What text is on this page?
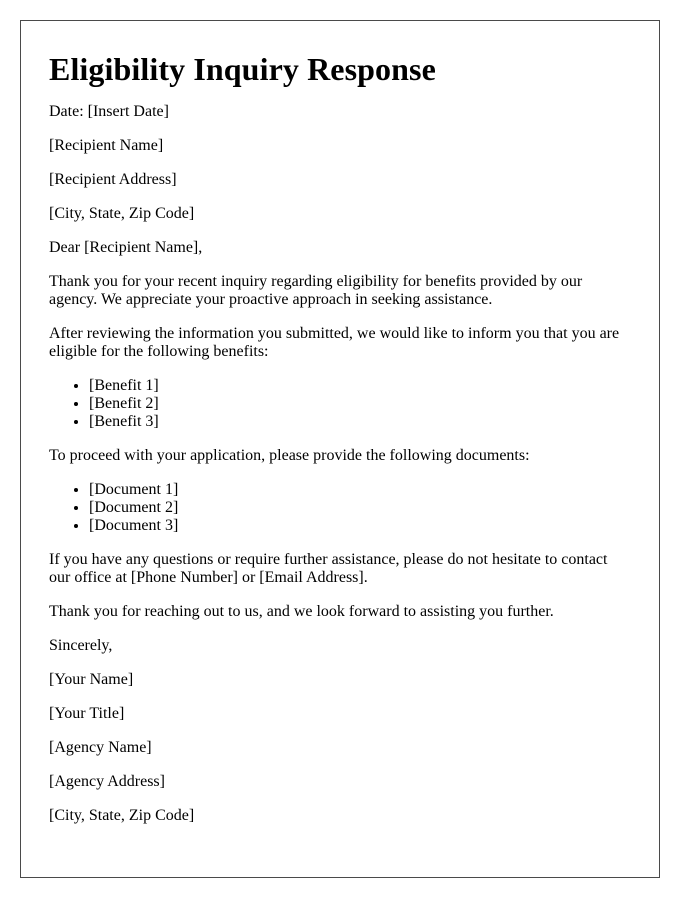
Eligibility Inquiry Response

Date: [Insert Date]

[Recipient Name]

[Recipient Address]

[City, State, Zip Code]

Dear [Recipient Name],

Thank you for your recent inquiry regarding eligibility for benefits provided by our agency. We appreciate your proactive approach in seeking assistance.

After reviewing the information you submitted, we would like to inform you that you are eligible for the following benefits:

• [Benefit 1]
• [Benefit 2]
• [Benefit 3]

To proceed with your application, please provide the following documents:

• [Document 1]
• [Document 2]
• [Document 3]

If you have any questions or require further assistance, please do not hesitate to contact our office at [Phone Number] or [Email Address].

Thank you for reaching out to us, and we look forward to assisting you further.

Sincerely,

[Your Name]

[Your Title]

[Agency Name]

[Agency Address]

[City, State, Zip Code]
